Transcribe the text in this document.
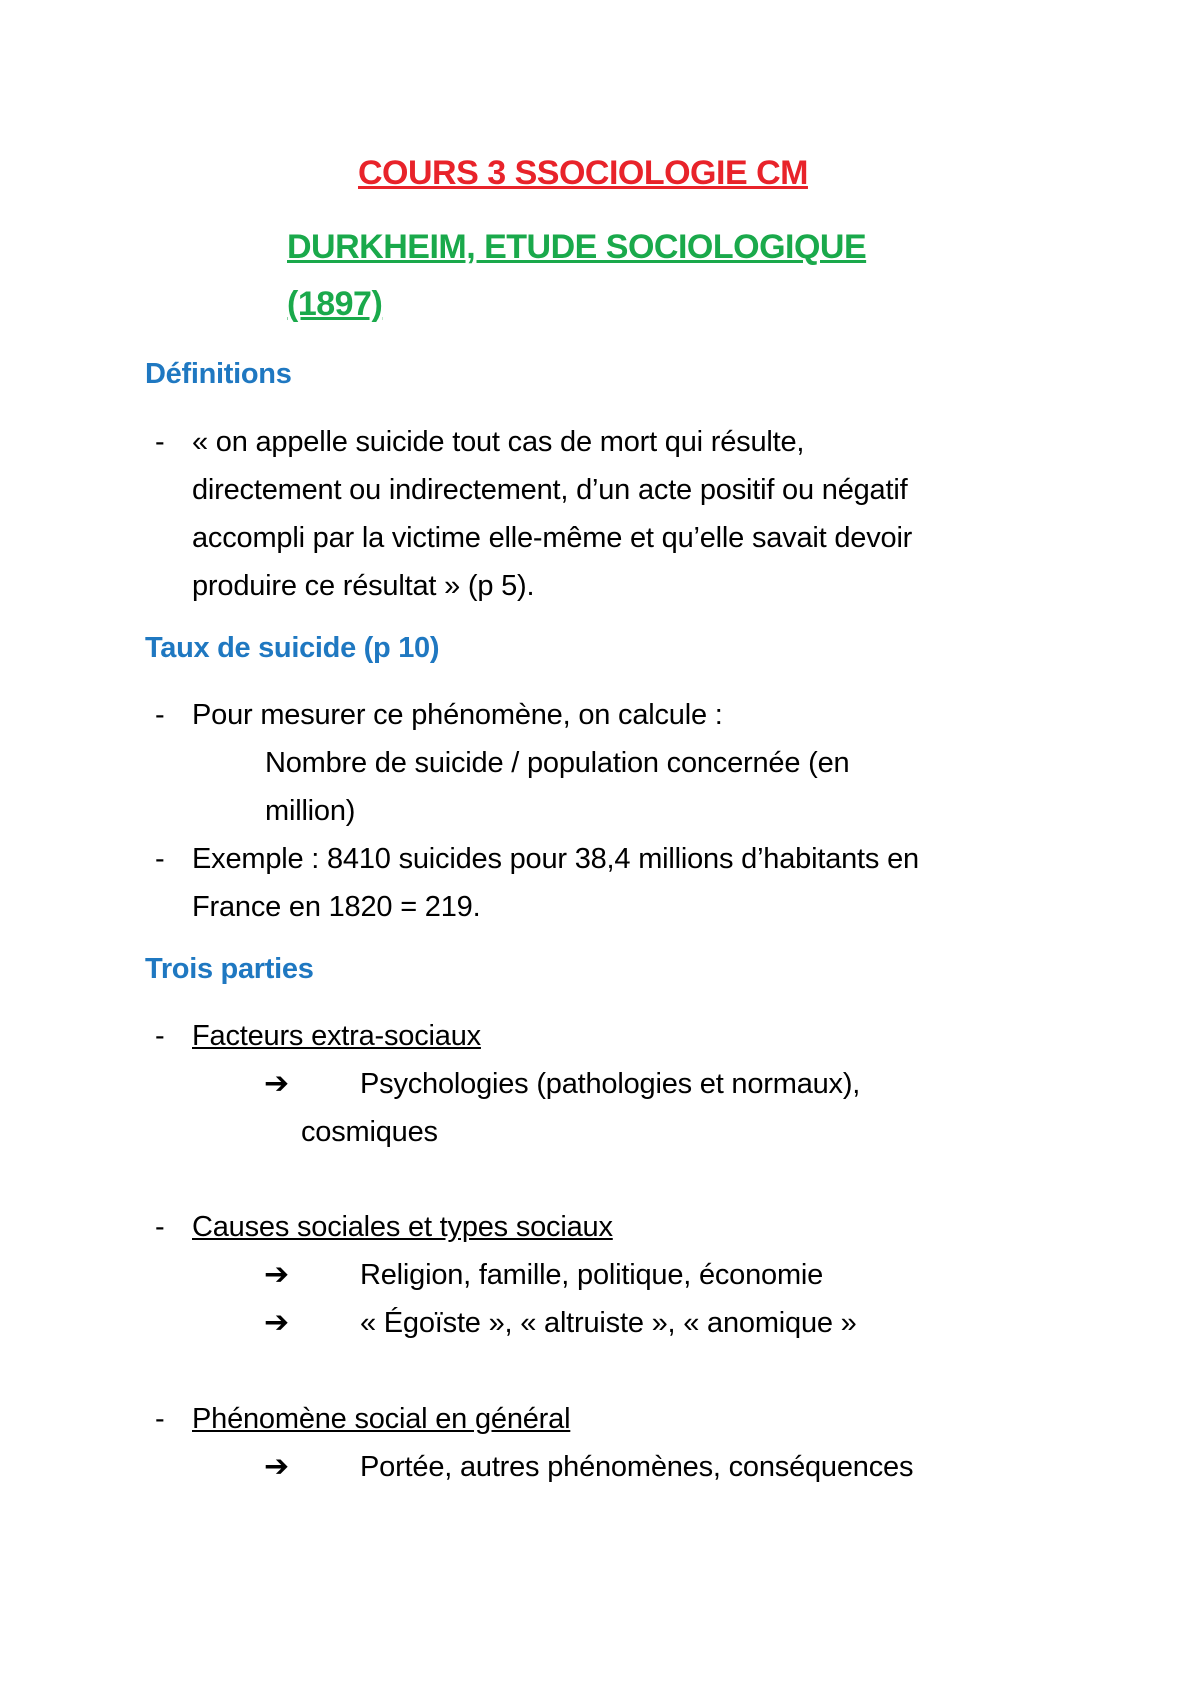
COURS 3 SSOCIOLOGIE CM
DURKHEIM, ETUDE SOCIOLOGIQUE
(1897)
Définitions
- « on appelle suicide tout cas de mort qui résulte,
directement ou indirectement, d’un acte positif ou négatif
accompli par la victime elle-même et qu’elle savait devoir
produire ce résultat » (p 5).
Taux de suicide (p 10)
- Pour mesurer ce phénomène, on calcule :
Nombre de suicide / population concernée (en
million)
- Exemple : 8410 suicides pour 38,4 millions d’habitants en
France en 1820 = 219.
Trois parties
- Facteurs extra-sociaux
➔ Psychologies (pathologies et normaux),
cosmiques
- Causes sociales et types sociaux
➔ Religion, famille, politique, économie
➔ « Égoïste », « altruiste », « anomique »
- Phénomène social en général
➔ Portée, autres phénomènes, conséquences
